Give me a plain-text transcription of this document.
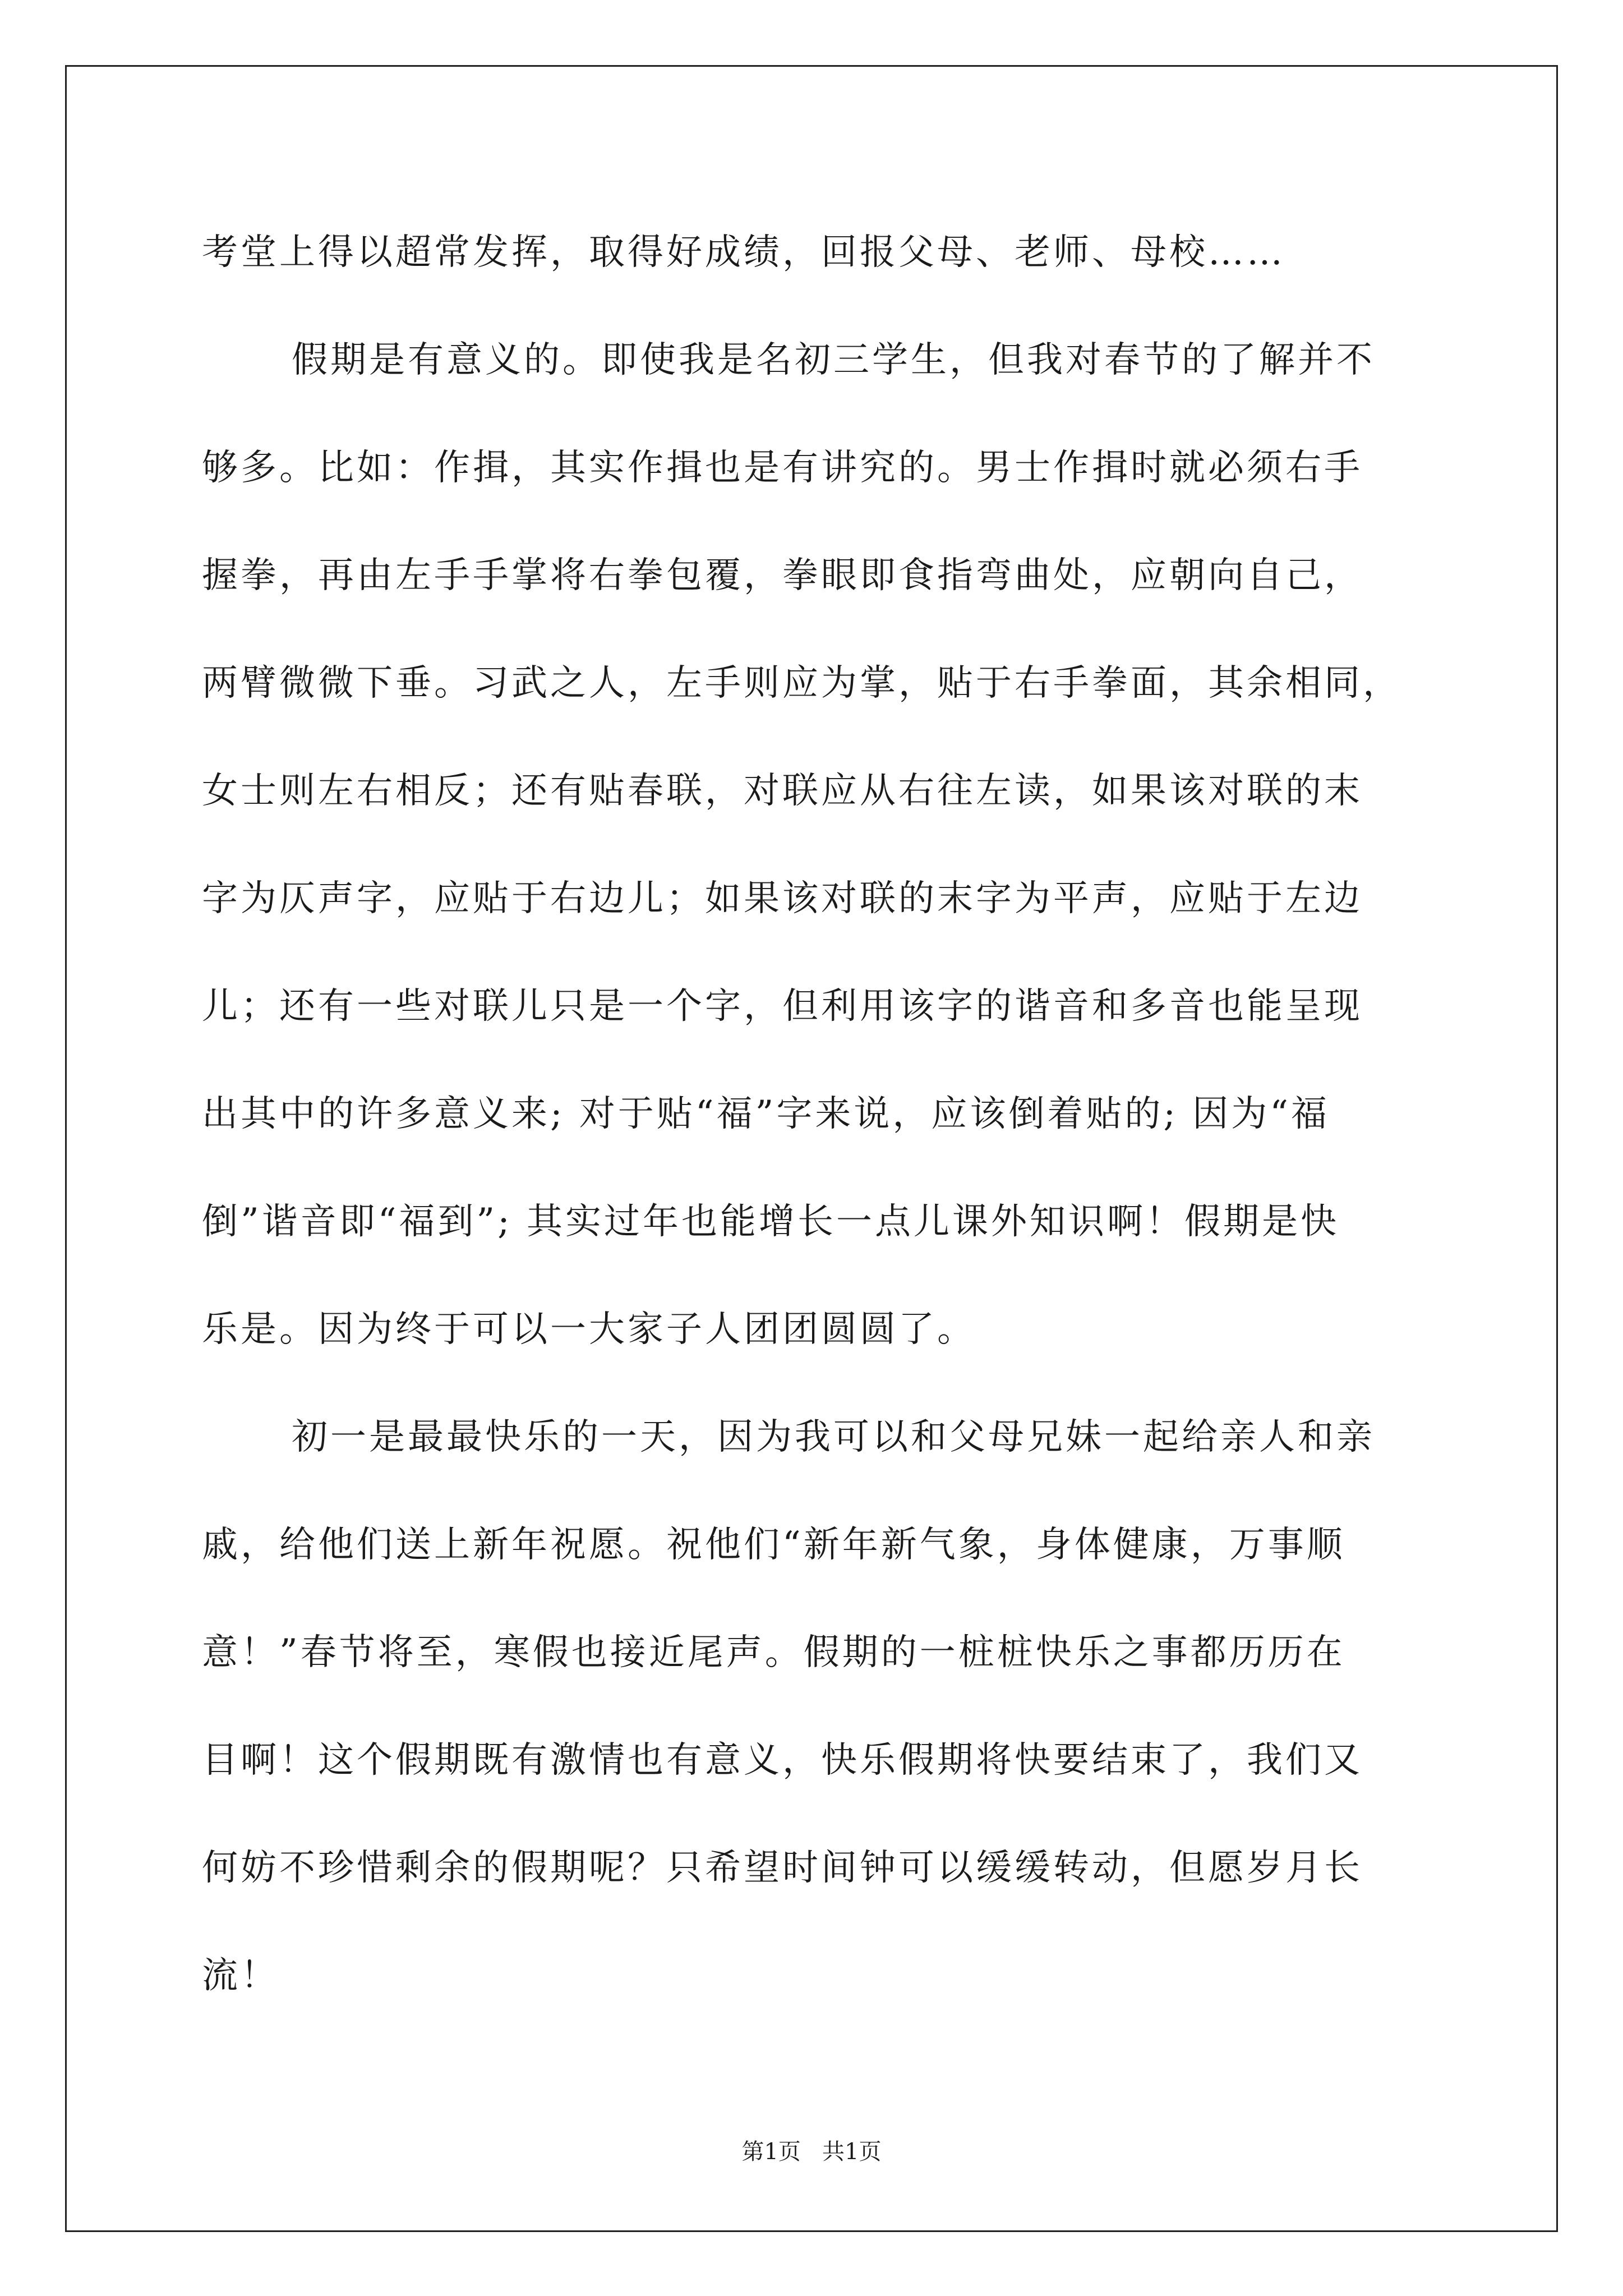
考堂上得以超常发挥，取得好成绩，回报父母、老师、母校……
假期是有意义的。即使我是名初三学生，但我对春节的了解并不
够多。比如：作揖，其实作揖也是有讲究的。男士作揖时就必须右手
握拳，再由左手手掌将右拳包覆，拳眼即食指弯曲处，应朝向自己，
两臂微微下垂。习武之人，左手则应为掌，贴于右手拳面，其余相同，
女士则左右相反；还有贴春联，对联应从右往左读，如果该对联的末
字为仄声字，应贴于右边儿；如果该对联的末字为平声，应贴于左边
儿；还有一些对联儿只是一个字，但利用该字的谐音和多音也能呈现
出其中的许多意义来; 对于贴“福”字来说，应该倒着贴的; 因为“福
倒”谐音即“福到”; 其实过年也能增长一点儿课外知识啊！假期是快
乐是。因为终于可以一大家子人团团圆圆了。
初一是最最快乐的一天，因为我可以和父母兄妹一起给亲人和亲
戚，给他们送上新年祝愿。祝他们“新年新气象，身体健康，万事顺
意！”春节将至，寒假也接近尾声。假期的一桩桩快乐之事都历历在
目啊！这个假期既有激情也有意义，快乐假期将快要结束了，我们又
何妨不珍惜剩余的假期呢？只希望时间钟可以缓缓转动，但愿岁月长
流！
第1页   共1页
